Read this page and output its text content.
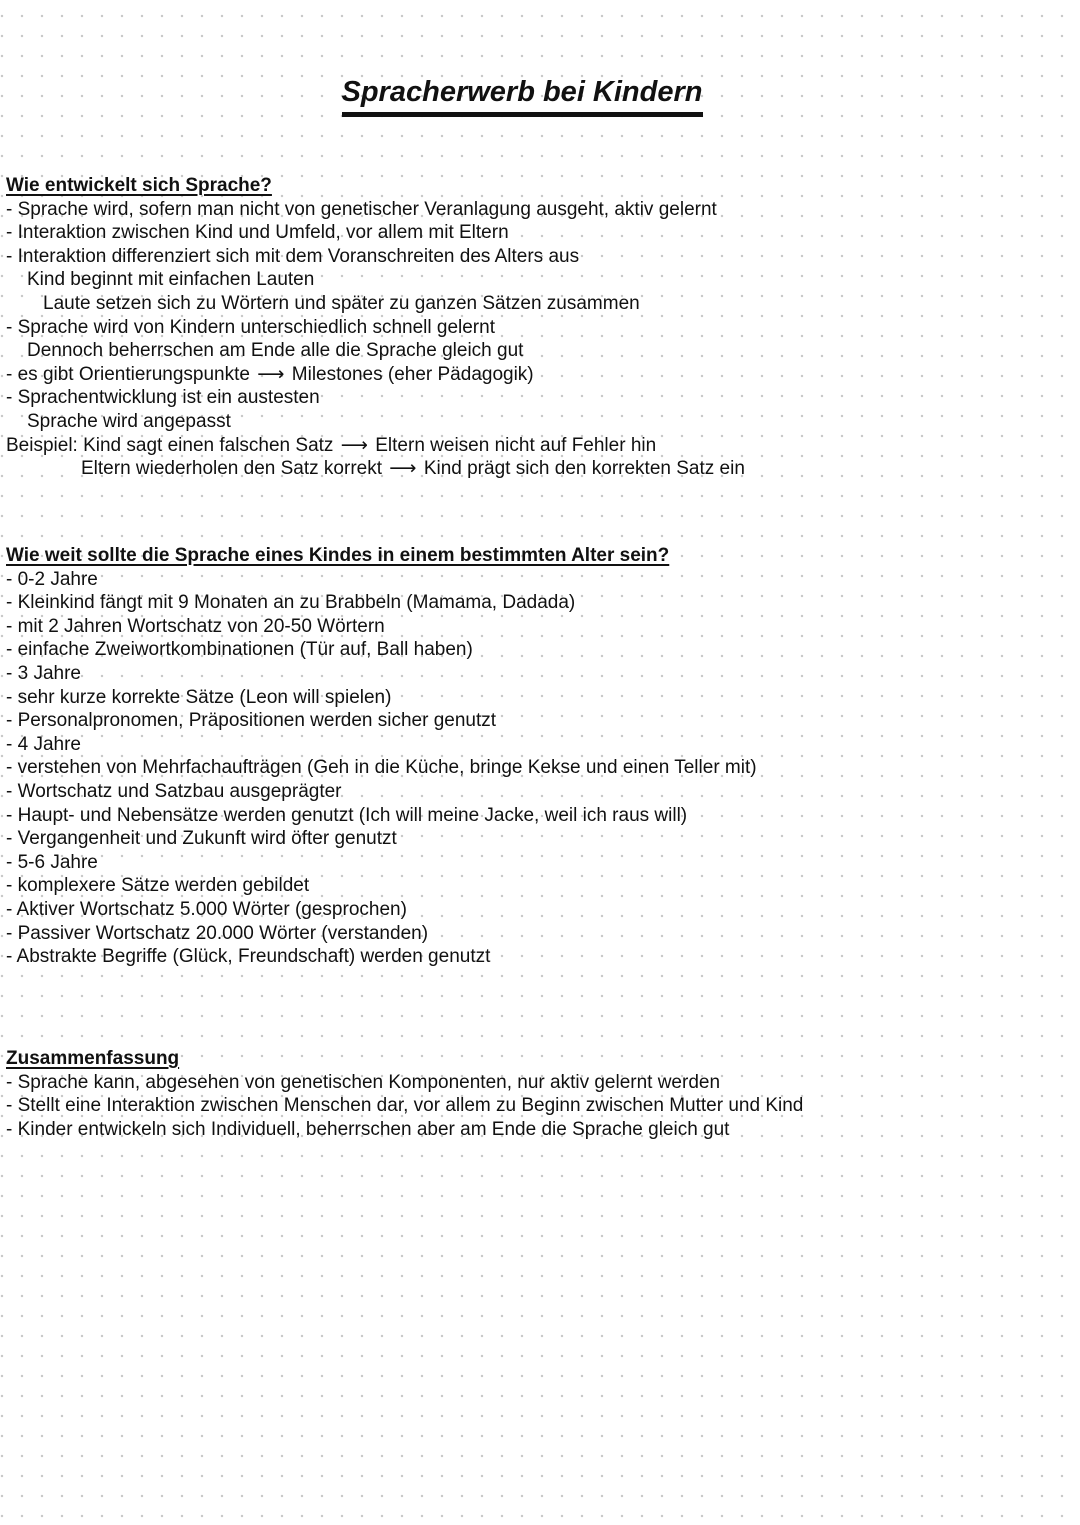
Spracherwerb bei Kindern
Wie entwickelt sich Sprache?
- Sprache wird, sofern man nicht von genetischer Veranlagung ausgeht, aktiv gelernt
- Interaktion zwischen Kind und Umfeld, vor allem mit Eltern
- Interaktion differenziert sich mit dem Voranschreiten des Alters aus
Kind beginnt mit einfachen Lauten
Laute setzen sich zu Wörtern und später zu ganzen Sätzen zusammen
- Sprache wird von Kindern unterschiedlich schnell gelernt
Dennoch beherrschen am Ende alle die Sprache gleich gut
- es gibt Orientierungspunkte ⟶ Milestones (eher Pädagogik)
- Sprachentwicklung ist ein austesten
Sprache wird angepasst
Beispiel: Kind sagt einen falschen Satz ⟶ Eltern weisen nicht auf Fehler hin
Eltern wiederholen den Satz korrekt ⟶ Kind prägt sich den korrekten Satz ein
Wie weit sollte die Sprache eines Kindes in einem bestimmten Alter sein?
- 0-2 Jahre
- Kleinkind fängt mit 9 Monaten an zu Brabbeln (Mamama, Dadada)
- mit 2 Jahren Wortschatz von 20-50 Wörtern
- einfache Zweiwortkombinationen (Tür auf, Ball haben)
- 3 Jahre
- sehr kurze korrekte Sätze (Leon will spielen)
- Personalpronomen, Präpositionen werden sicher genutzt
- 4 Jahre
- verstehen von Mehrfachaufträgen (Geh in die Küche, bringe Kekse und einen Teller mit)
- Wortschatz und Satzbau ausgeprägter
- Haupt- und Nebensätze werden genutzt (Ich will meine Jacke, weil ich raus will)
- Vergangenheit und Zukunft wird öfter genutzt
- 5-6 Jahre
- komplexere Sätze werden gebildet
- Aktiver Wortschatz 5.000 Wörter (gesprochen)
- Passiver Wortschatz 20.000 Wörter (verstanden)
- Abstrakte Begriffe (Glück, Freundschaft) werden genutzt
Zusammenfassung
- Sprache kann, abgesehen von genetischen Komponenten, nur aktiv gelernt werden
- Stellt eine Interaktion zwischen Menschen dar, vor allem zu Beginn zwischen Mutter und Kind
- Kinder entwickeln sich Individuell, beherrschen aber am Ende die Sprache gleich gut
